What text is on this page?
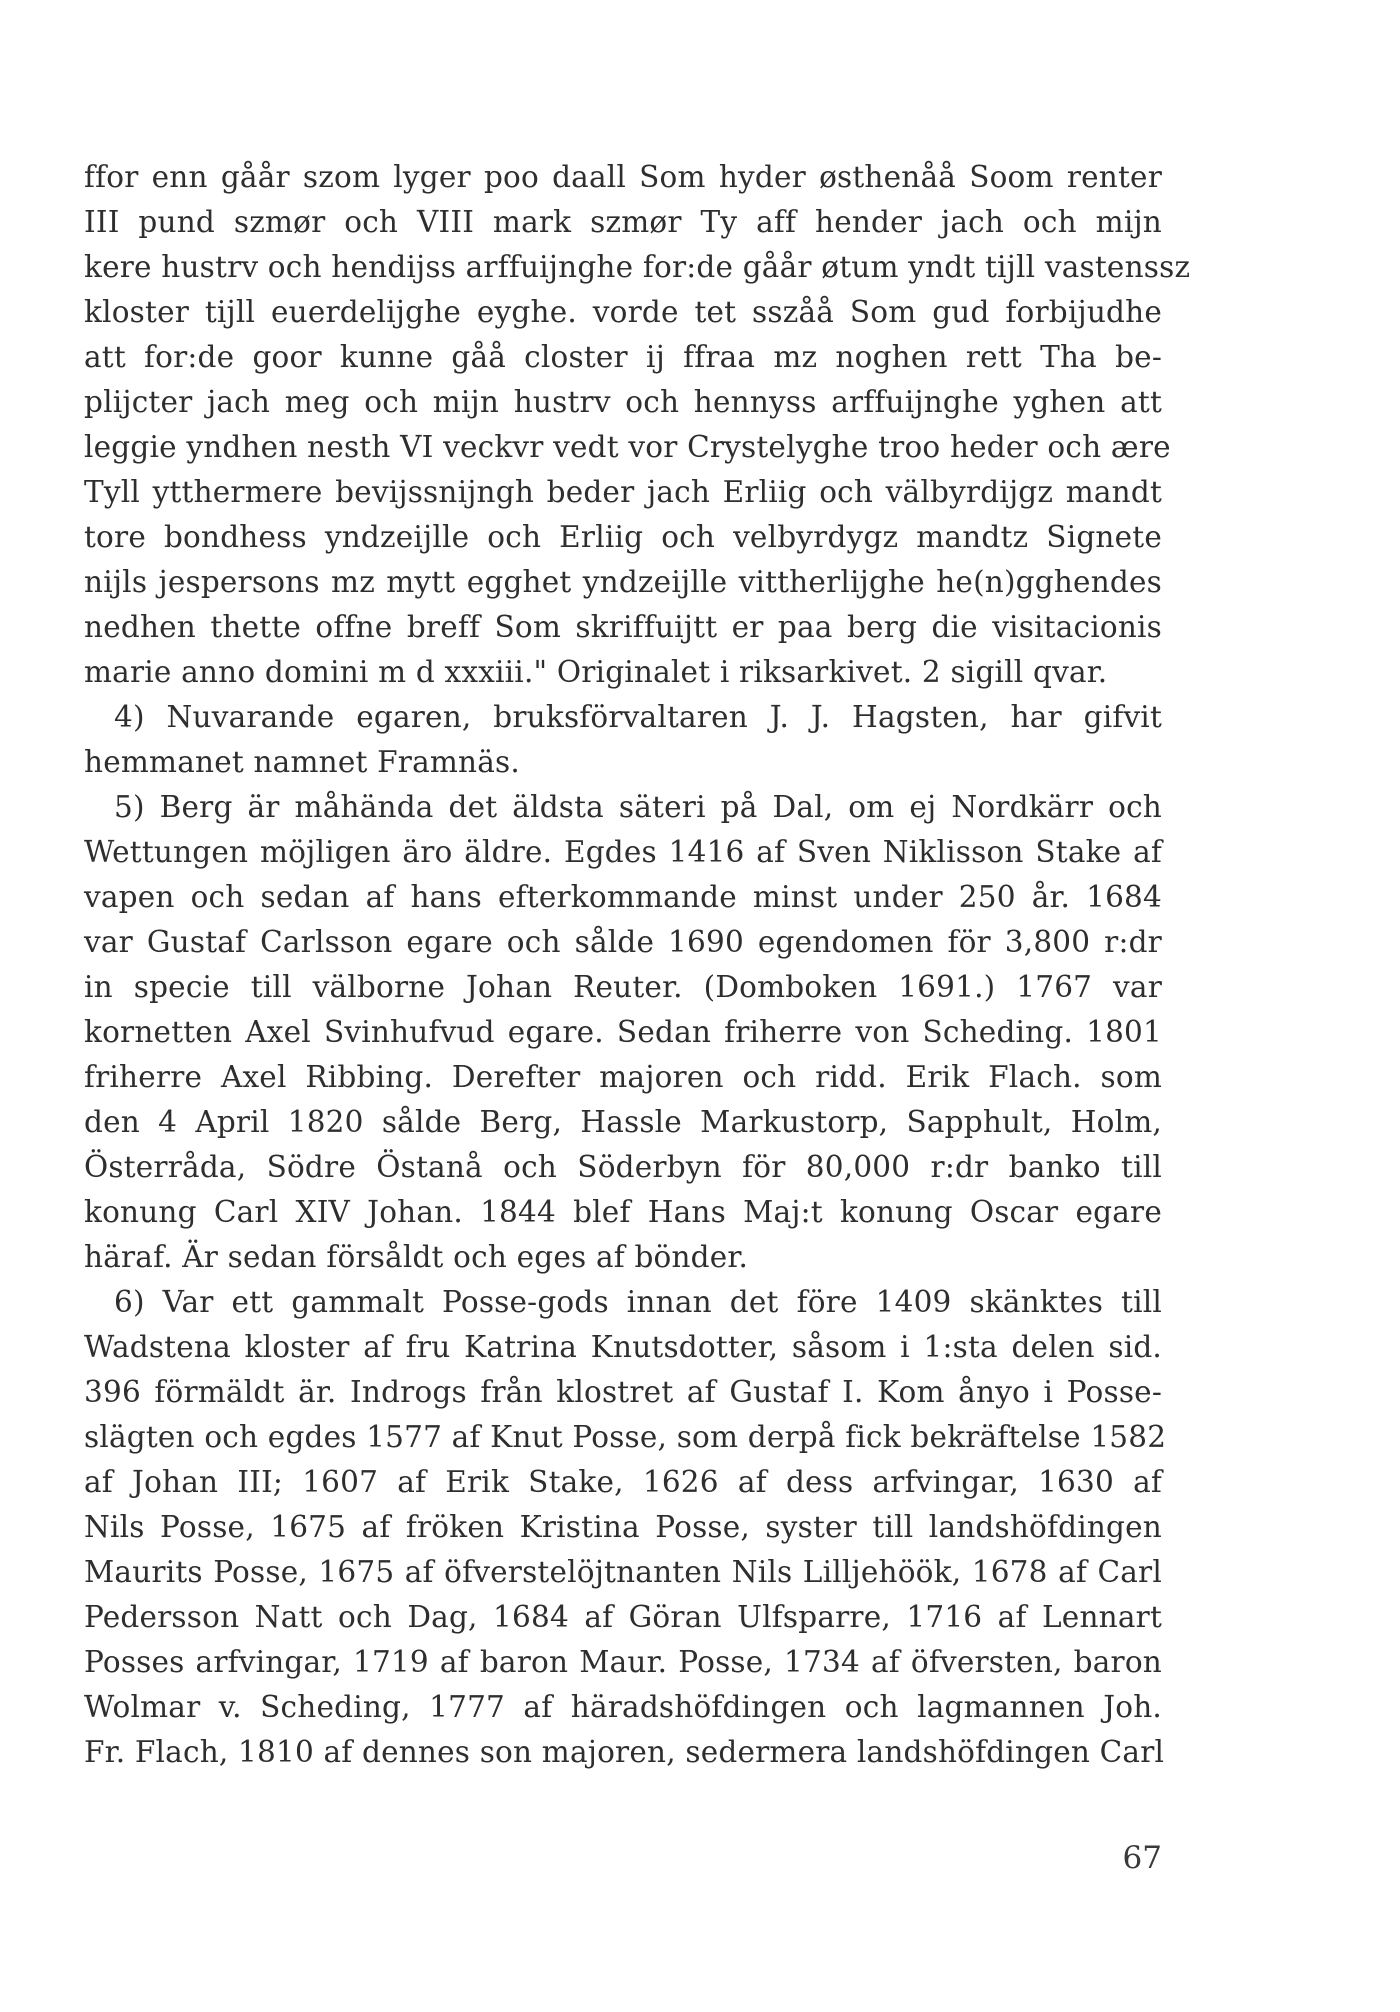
ffor enn gåår szom lyger poo daall Som hyder østhenåå Soom renter
III pund szmør och VIII mark szmør Ty aff hender jach och mijn
kere hustrv och hendijss arffuijnghe for:de gåår øtum yndt tijll vastenssz
kloster tijll euerdelijghe eyghe. vorde tet sszåå Som gud forbijudhe
att for:de goor kunne gåå closter ij ffraa mz noghen rett Tha be-
plijcter jach meg och mijn hustrv och hennyss arffuijnghe yghen att
leggie yndhen nesth VI veckvr vedt vor Crystelyghe troo heder och ære
Tyll ytthermere bevijssnijngh beder jach Erliig och välbyrdijgz mandt
tore bondhess yndzeijlle och Erliig och velbyrdygz mandtz Signete
nijls jespersons mz mytt egghet yndzeijlle vittherlijghe he(n)gghendes
nedhen thette offne breff Som skriffuijtt er paa berg die visitacionis
marie anno domini m d xxxiii." Originalet i riksarkivet. 2 sigill qvar.
4) Nuvarande egaren, bruksförvaltaren J. J. Hagsten, har gifvit
hemmanet namnet Framnäs.
5) Berg är måhända det äldsta säteri på Dal, om ej Nordkärr och
Wettungen möjligen äro äldre. Egdes 1416 af Sven Niklisson Stake af
vapen och sedan af hans efterkommande minst under 250 år. 1684
var Gustaf Carlsson egare och sålde 1690 egendomen för 3,800 r:dr
in specie till välborne Johan Reuter. (Domboken 1691.) 1767 var
kornetten Axel Svinhufvud egare. Sedan friherre von Scheding. 1801
friherre Axel Ribbing. Derefter majoren och ridd. Erik Flach. som
den 4 April 1820 sålde Berg, Hassle Markustorp, Sapphult, Holm,
Österråda, Södre Östanå och Söderbyn för 80,000 r:dr banko till
konung Carl XIV Johan. 1844 blef Hans Maj:t konung Oscar egare
häraf. Är sedan försåldt och eges af bönder.
6) Var ett gammalt Posse-gods innan det före 1409 skänktes till
Wadstena kloster af fru Katrina Knutsdotter, såsom i 1:sta delen sid.
396 förmäldt är. Indrogs från klostret af Gustaf I. Kom ånyo i Posse-
slägten och egdes 1577 af Knut Posse, som derpå fick bekräftelse 1582
af Johan III; 1607 af Erik Stake, 1626 af dess arfvingar, 1630 af
Nils Posse, 1675 af fröken Kristina Posse, syster till landshöfdingen
Maurits Posse, 1675 af öfverstelöjtnanten Nils Lilljehöök, 1678 af Carl
Pedersson Natt och Dag, 1684 af Göran Ulfsparre, 1716 af Lennart
Posses arfvingar, 1719 af baron Maur. Posse, 1734 af öfversten, baron
Wolmar v. Scheding, 1777 af häradshöfdingen och lagmannen Joh.
Fr. Flach, 1810 af dennes son majoren, sedermera landshöfdingen Carl
67
